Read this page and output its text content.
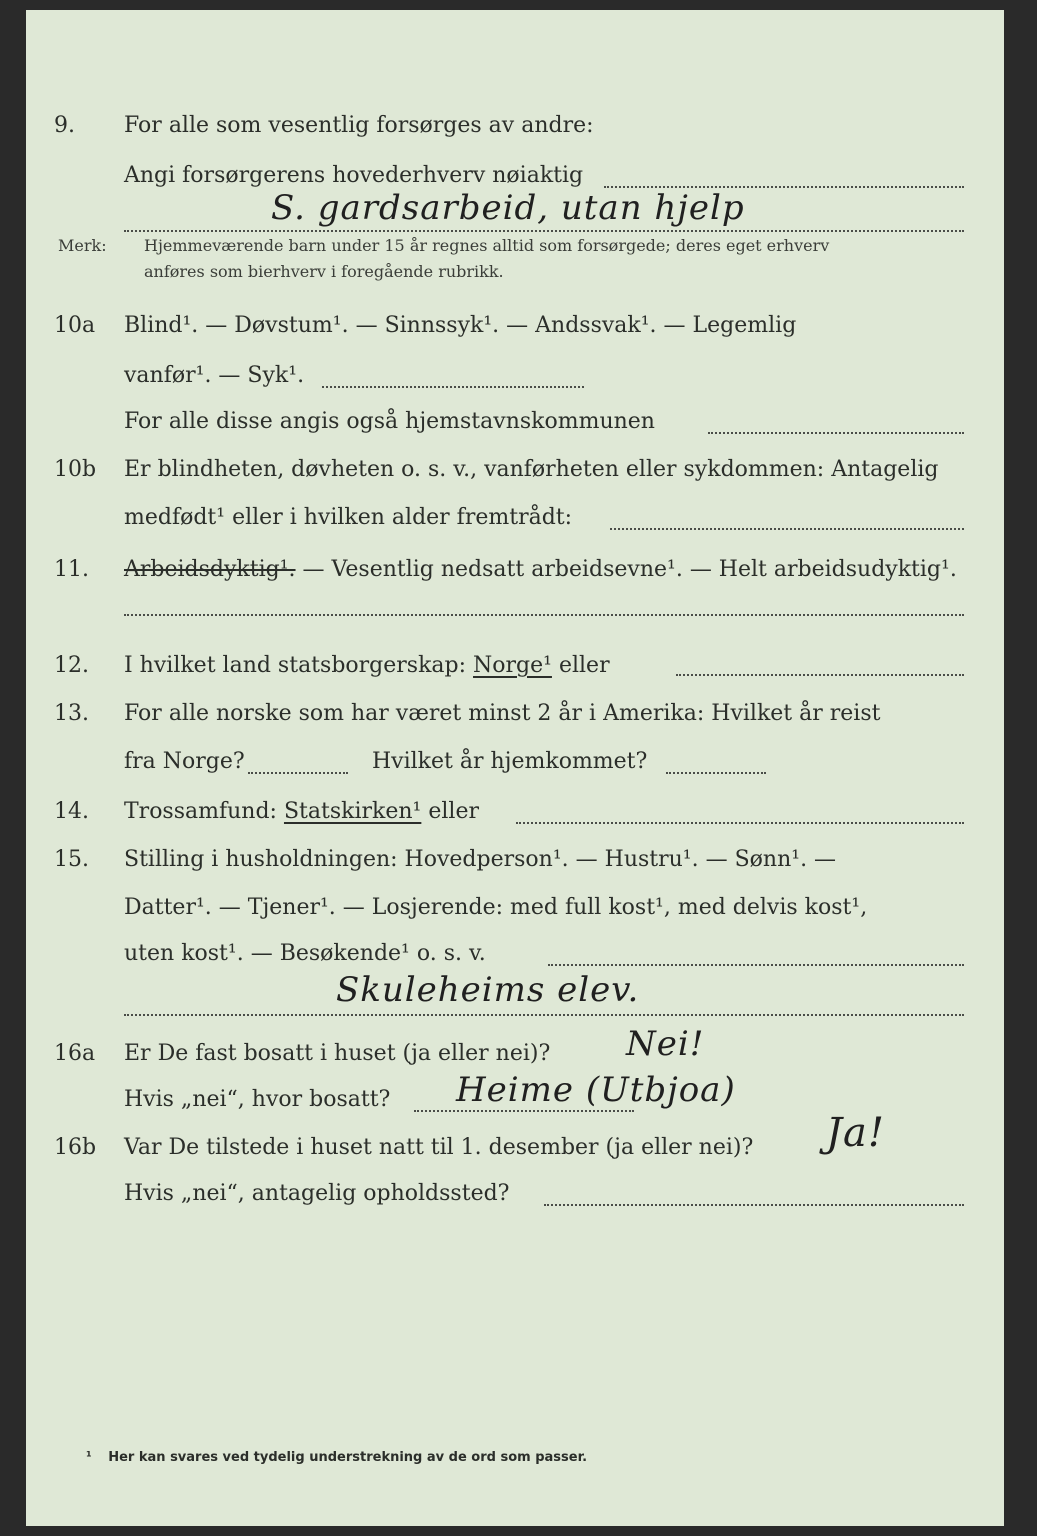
9. For alle som vesentlig forsørges av andre:
Angi forsørgerens hovederhverv nøiaktig
S. gardsarbeid, utan hjelp
Merk: Hjemmeværende barn under 15 år regnes alltid som forsørgede; deres eget erhverv
anføres som bierhverv i foregående rubrikk.
10a Blind¹. — Døvstum¹. — Sinnssyk¹. — Andssvak¹. — Legemlig
vanfør¹. — Syk¹.
For alle disse angis også hjemstavnskommunen
10b Er blindheten, døvheten o. s. v., vanførheten eller sykdommen: Antagelig
medfødt¹ eller i hvilken alder fremtrådt:
11. Arbeidsdyktig¹. — Vesentlig nedsatt arbeidsevne¹. — Helt arbeidsudyktig¹.
12. I hvilket land statsborgerskap: Norge¹ eller
13. For alle norske som har været minst 2 år i Amerika: Hvilket år reist
fra Norge?	Hvilket år hjemkommet?
14. Trossamfund: Statskirken¹ eller
15. Stilling i husholdningen: Hovedperson¹. — Hustru¹. — Sønn¹. —
Datter¹. — Tjener¹. — Losjerende: med full kost¹, med delvis kost¹,
uten kost¹. — Besøkende¹ o. s. v.
Skuleheims elev.
16a Er De fast bosatt i huset (ja eller nei)? Nei!
Hvis „nei“, hvor bosatt? Heime (Utbjoa)
16b Var De tilstede i huset natt til 1. desember (ja eller nei)? Ja!
Hvis „nei“, antagelig opholdssted?
¹ Her kan svares ved tydelig understrekning av de ord som passer.
